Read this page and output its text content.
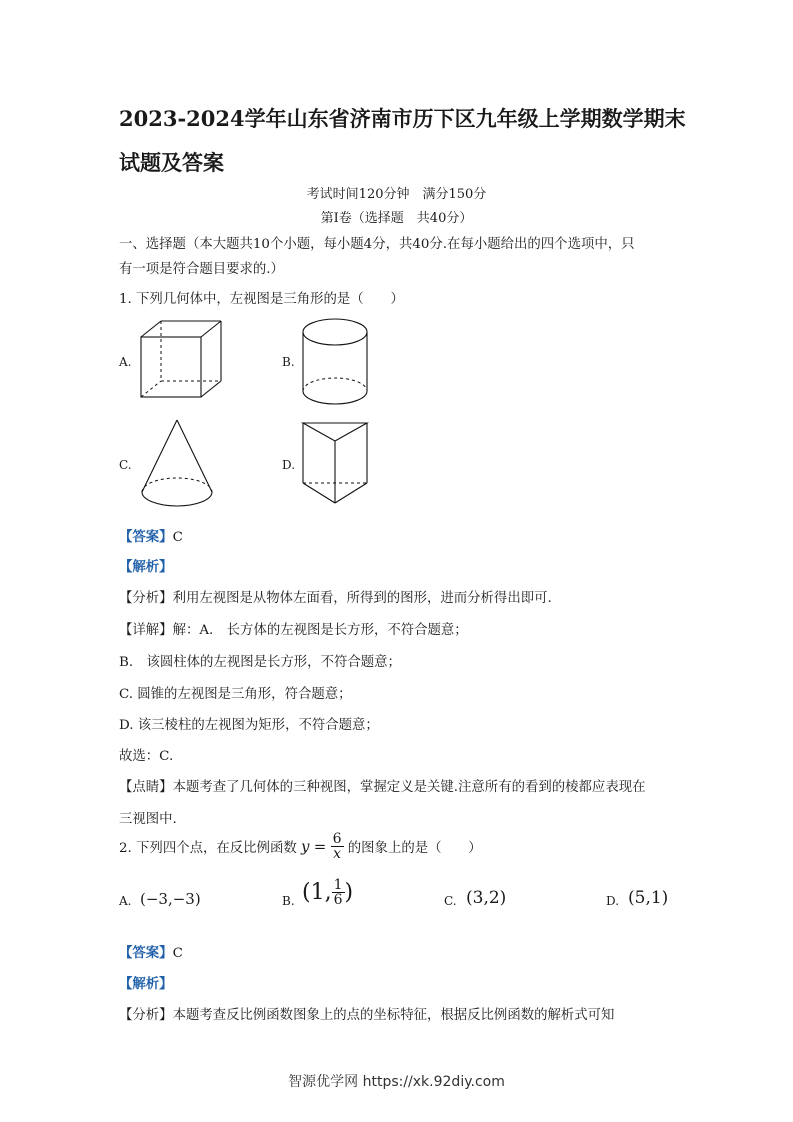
2023-2024学年山东省济南市历下区九年级上学期数学期末
试题及答案
考试时间120分钟　满分150分
第Ⅰ卷（选择题　共40分）
一、选择题（本大题共10个小题，每小题4分，共40分.在每小题给出的四个选项中，只
有一项是符合题目要求的.）
1. 下列几何体中，左视图是三角形的是（　　）
A.	B.
C.	D.
【答案】C
【解析】
【分析】利用左视图是从物体左面看，所得到的图形，进而分析得出即可.
【详解】解：A.　长方体的左视图是长方形，不符合题意；
B.　该圆柱体的左视图是长方形，不符合题意；
C. 圆锥的左视图是三角形，符合题意；
D. 该三棱柱的左视图为矩形，不符合题意；
故选：C.
【点睛】本题考查了几何体的三种视图，掌握定义是关键.注意所有的看到的棱都应表现在
三视图中.
2. 下列四个点，在反比例函数 $y = \frac{6}{x}$ 的图象上的是（　　）
A. (−3,−3)	B. (1, $\frac{1}{6}$ )	C. (3,2)	D. (5,1)
【答案】C
【解析】
【分析】本题考查反比例函数图象上的点的坐标特征，根据反比例函数的解析式可知
智源优学网 https://xk.92diy.com
